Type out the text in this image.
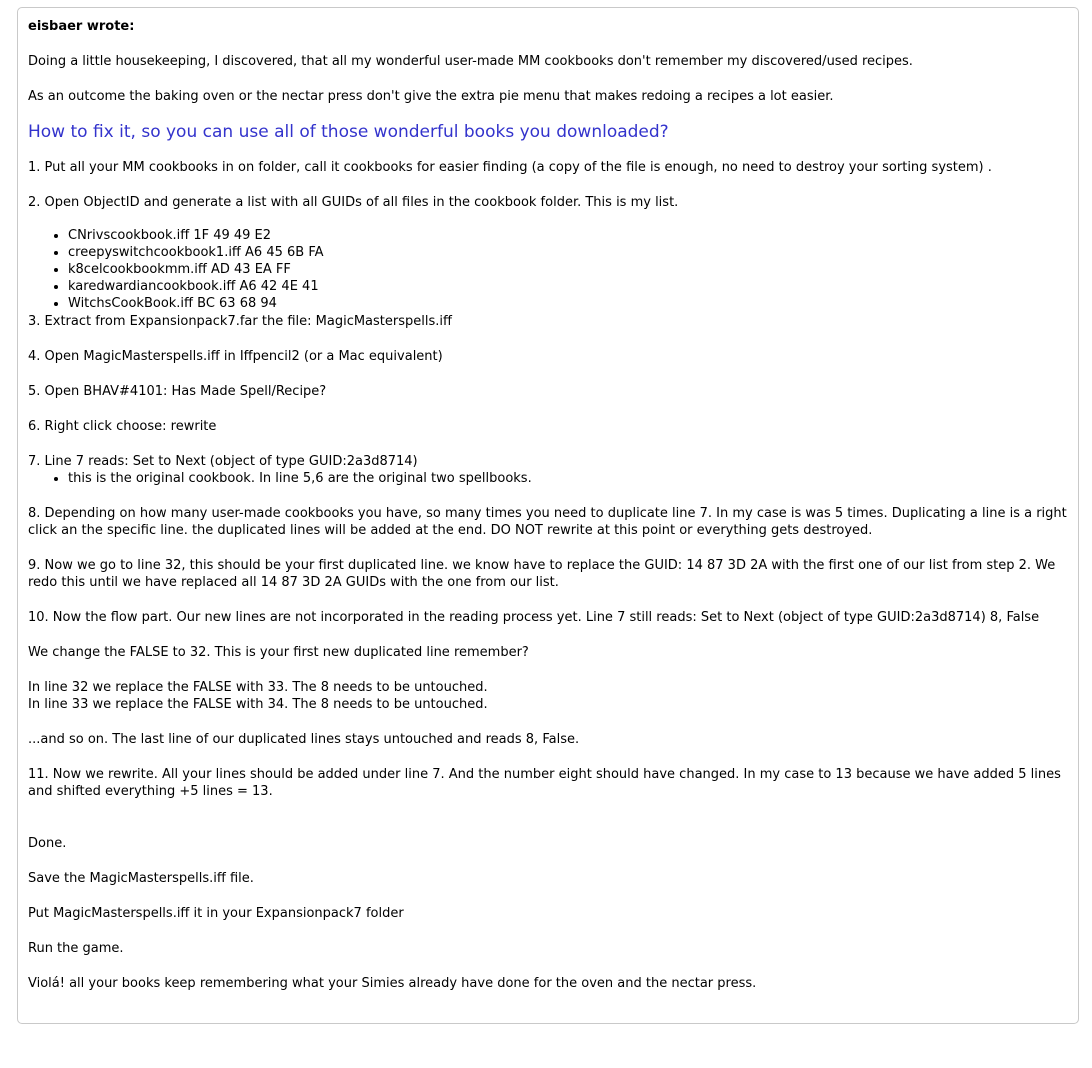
eisbaer wrote:
Doing a little housekeeping, I discovered, that all my wonderful user-made MM cookbooks don't remember my discovered/used recipes.
As an outcome the baking oven or the nectar press don't give the extra pie menu that makes redoing a recipes a lot easier.
How to fix it, so you can use all of those wonderful books you downloaded?
1. Put all your MM cookbooks in on folder, call it cookbooks for easier finding (a copy of the file is enough, no need to destroy your sorting system) .
2. Open ObjectID and generate a list with all GUIDs of all files in the cookbook folder. This is my list.
• CNrivscookbook.iff 1F 49 49 E2
• creepyswitchcookbook1.iff A6 45 6B FA
• k8celcookbookmm.iff AD 43 EA FF
• karedwardiancookbook.iff A6 42 4E 41
• WitchsCookBook.iff BC 63 68 94
3. Extract from Expansionpack7.far the file: MagicMasterspells.iff
4. Open MagicMasterspells.iff in Iffpencil2 (or a Mac equivalent)
5. Open BHAV#4101: Has Made Spell/Recipe?
6. Right click choose: rewrite
7. Line 7 reads: Set to Next (object of type GUID:2a3d8714)
• this is the original cookbook. In line 5,6 are the original two spellbooks.
8. Depending on how many user-made cookbooks you have, so many times you need to duplicate line 7. In my case is was 5 times. Duplicating a line is a right click an the specific line. the duplicated lines will be added at the end. DO NOT rewrite at this point or everything gets destroyed.
9. Now we go to line 32, this should be your first duplicated line. we know have to replace the GUID: 14 87 3D 2A with the first one of our list from step 2. We redo this until we have replaced all 14 87 3D 2A GUIDs with the one from our list.
10. Now the flow part. Our new lines are not incorporated in the reading process yet. Line 7 still reads: Set to Next (object of type GUID:2a3d8714) 8, False
We change the FALSE to 32. This is your first new duplicated line remember?
In line 32 we replace the FALSE with 33. The 8 needs to be untouched.
In line 33 we replace the FALSE with 34. The 8 needs to be untouched.
...and so on. The last line of our duplicated lines stays untouched and reads 8, False.
11. Now we rewrite. All your lines should be added under line 7. And the number eight should have changed. In my case to 13 because we have added 5 lines and shifted everything +5 lines = 13.
Done.
Save the MagicMasterspells.iff file.
Put MagicMasterspells.iff it in your Expansionpack7 folder
Run the game.
Violá! all your books keep remembering what your Simies already have done for the oven and the nectar press.
